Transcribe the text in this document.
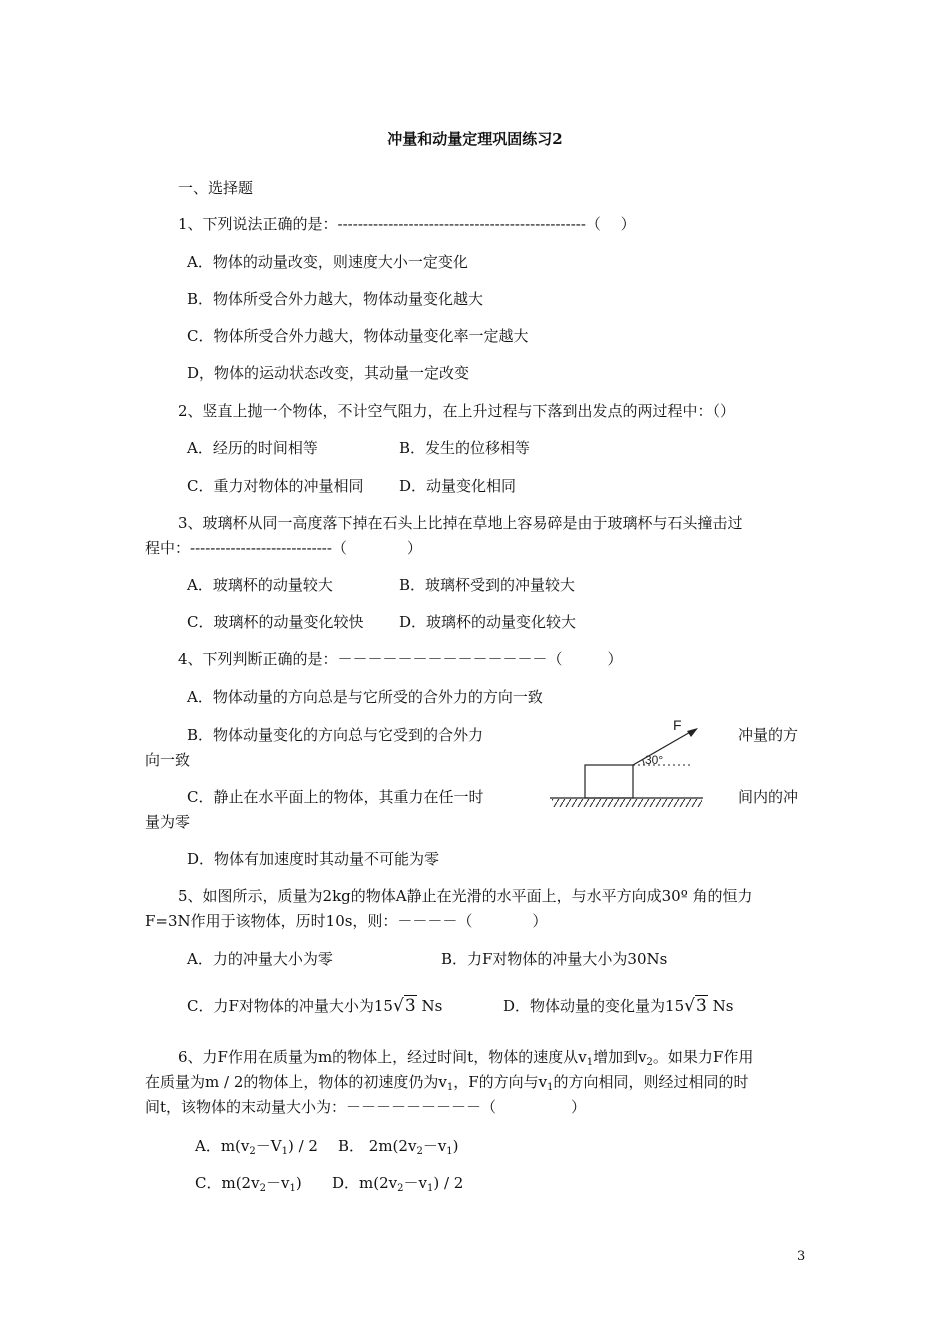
冲量和动量定理巩固练习2
一、选择题
1、下列说法正确的是：-------------------------------------------------（　 ）
A．物体的动量改变，则速度大小一定变化
B．物体所受合外力越大，物体动量变化越大
C．物体所受合外力越大，物体动量变化率一定越大
D，物体的运动状态改变，其动量一定改变
2、竖直上抛一个物体，不计空气阻力，在上升过程与下落到出发点的两过程中：（）
A．经历的时间相等	B．发生的位移相等
C．重力对物体的冲量相同 D．动量变化相同
3、玻璃杯从同一高度落下掉在石头上比掉在草地上容易碎是由于玻璃杯与石头撞击过
程中：----------------------------（　　　　）
A．玻璃杯的动量较大	B．玻璃杯受到的冲量较大
C．玻璃杯的动量变化较快 D．玻璃杯的动量变化较大
4、下列判断正确的是：－－－－－－－－－－－－－－（　　　）
A．物体动量的方向总是与它所受的合外力的方向一致
B．物体动量变化的方向总与它受到的合外力	冲量的方
向一致
C．静止在水平面上的物体，其重力在任一时	间内的冲
量为零
D．物体有加速度时其动量不可能为零
F
30°
5、如图所示，质量为2kg的物体A静止在光滑的水平面上，与水平方向成30º 角的恒力
F=3N作用于该物体，历时10s，则：－－－－（　　　　）
A．力的冲量大小为零	B．力F对物体的冲量大小为30Ns
C．力F对物体的冲量大小为15√3 Ns	D．物体动量的变化量为15√3 Ns
6、力F作用在质量为m的物体上，经过时间t，物体的速度从$v_1$增加到$v_2$。如果力F作用
在质量为m / 2的物体上，物体的初速度仍为$v_1$，F的方向与$v_1$的方向相同，则经过相同的时
间t，该物体的末动量大小为：－－－－－－－－－（　　　　　）
A．$m(v_2-V_1) / 2$ B． $2m(2v_2-v_1)$
C．$m(2v_2-v_1)$ D．$m(2v_2-v_1) / 2$
3
